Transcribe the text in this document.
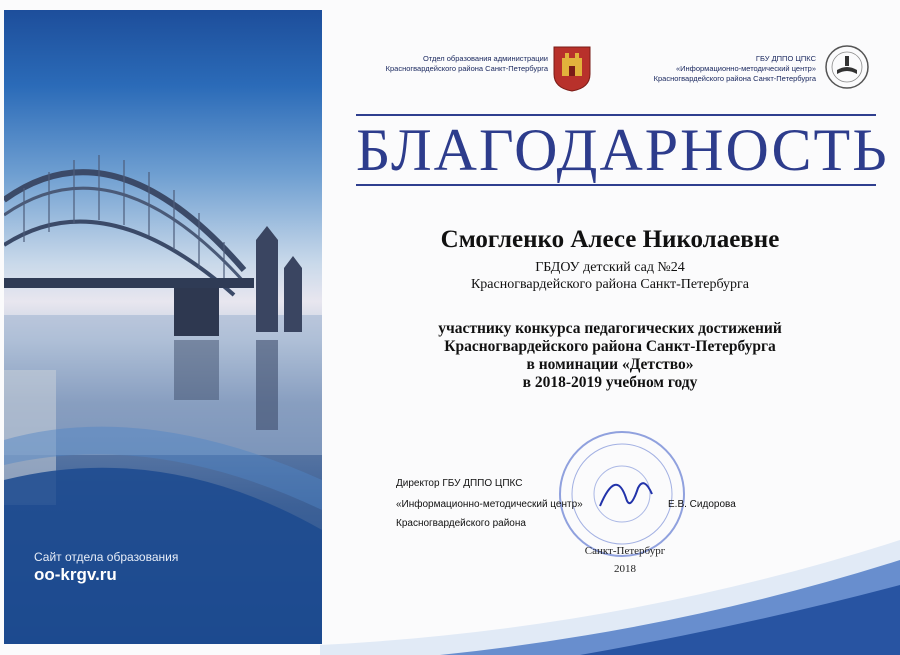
Сайт отдела образования
oo-krgv.ru
Отдел образования администрации
Красногвардейского района Санкт-Петербурга
ГБУ ДППО ЦПКС
«Информационно-методический центр»
Красногвардейского района Санкт-Петербурга
БЛАГОДАРНОСТЬ
Смогленко Алесе Николаевне
ГБДОУ детский сад №24
Красногвардейского района Санкт-Петербурга
участнику конкурса педагогических достижений
Красногвардейского района Санкт-Петербурга
в номинации «Детство»
в 2018-2019 учебном году
Директор ГБУ ДППО ЦПКС
«Информационно-методический центр»
Красногвардейского района
Е.В. Сидорова
Санкт-Петербург
2018
